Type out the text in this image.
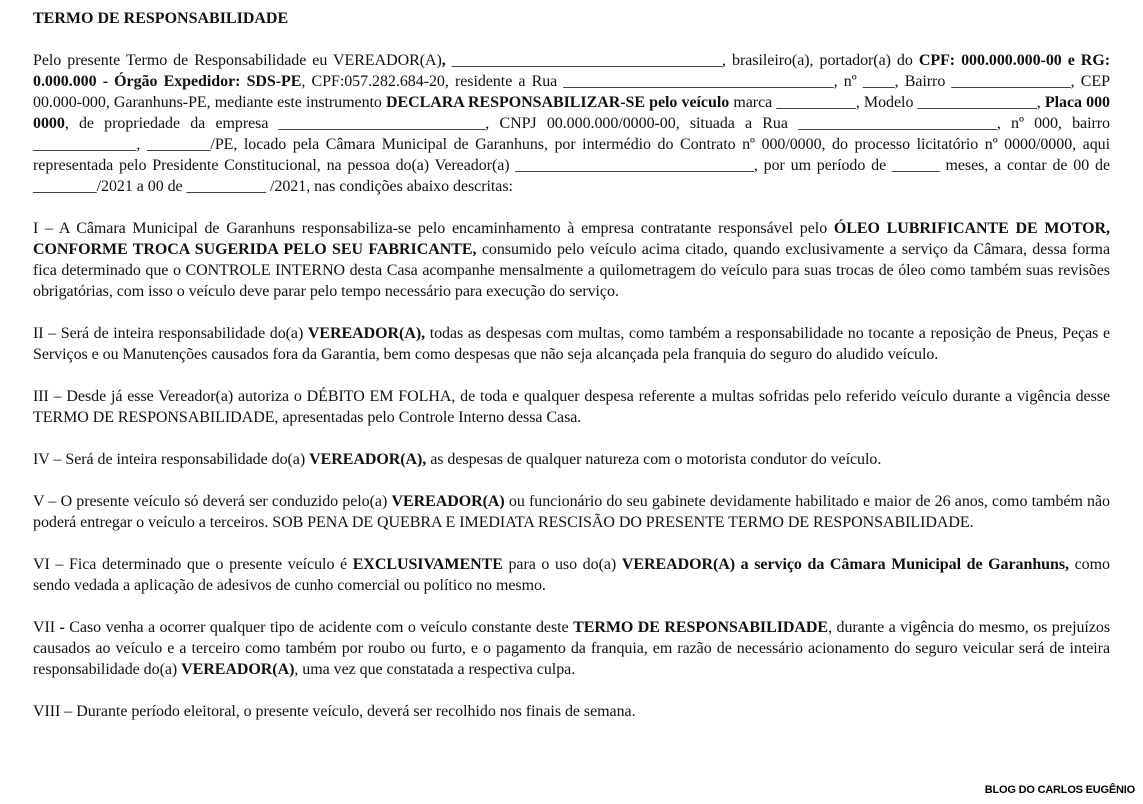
TERMO DE RESPONSABILIDADE

Pelo presente Termo de Responsabilidade eu VEREADOR(A), __________________________________, brasileiro(a), portador(a) do CPF: 000.000.000-00 e RG: 0.000.000 - Órgão Expedidor: SDS-PE, CPF:057.282.684-20, residente a Rua __________________________________, nº ____, Bairro _______________, CEP 00.000-000, Garanhuns-PE, mediante este instrumento DECLARA RESPONSABILIZAR-SE pelo veículo marca __________, Modelo _______________, Placa 000 0000, de propriedade da empresa __________________________, CNPJ 00.000.000/0000-00, situada a Rua _________________________, nº 000, bairro _____________, ________/PE, locado pela Câmara Municipal de Garanhuns, por intermédio do Contrato nº 000/0000, do processo licitatório nº 0000/0000, aqui representada pelo Presidente Constitucional, na pessoa do(a) Vereador(a) ______________________________, por um período de ______ meses, a contar de 00 de ________/2021 a 00 de __________ /2021, nas condições abaixo descritas:

I – A Câmara Municipal de Garanhuns responsabiliza-se pelo encaminhamento à empresa contratante responsável pelo ÓLEO LUBRIFICANTE DE MOTOR, CONFORME TROCA SUGERIDA PELO SEU FABRICANTE, consumido pelo veículo acima citado, quando exclusivamente a serviço da Câmara, dessa forma fica determinado que o CONTROLE INTERNO desta Casa acompanhe mensalmente a quilometragem do veículo para suas trocas de óleo como também suas revisões obrigatórias, com isso o veículo deve parar pelo tempo necessário para execução do serviço.

II – Será de inteira responsabilidade do(a) VEREADOR(A), todas as despesas com multas, como também a responsabilidade no tocante a reposição de Pneus, Peças e Serviços e ou Manutenções causados fora da Garantia, bem como despesas que não seja alcançada pela franquia do seguro do aludido veículo.

III – Desde já esse Vereador(a) autoriza o DÉBITO EM FOLHA, de toda e qualquer despesa referente a multas sofridas pelo referido veículo durante a vigência desse TERMO DE RESPONSABILIDADE, apresentadas pelo Controle Interno dessa Casa.

IV – Será de inteira responsabilidade do(a) VEREADOR(A), as despesas de qualquer natureza com o motorista condutor do veículo.

V – O presente veículo só deverá ser conduzido pelo(a) VEREADOR(A) ou funcionário do seu gabinete devidamente habilitado e maior de 26 anos, como também não poderá entregar o veículo a terceiros. SOB PENA DE QUEBRA E IMEDIATA RESCISÃO DO PRESENTE TERMO DE RESPONSABILIDADE.

VI – Fica determinado que o presente veículo é EXCLUSIVAMENTE para o uso do(a) VEREADOR(A) a serviço da Câmara Municipal de Garanhuns, como sendo vedada a aplicação de adesivos de cunho comercial ou político no mesmo.

VII - Caso venha a ocorrer qualquer tipo de acidente com o veículo constante deste TERMO DE RESPONSABILIDADE, durante a vigência do mesmo, os prejuízos causados ao veículo e a terceiro como também por roubo ou furto, e o pagamento da franquia, em razão de necessário acionamento do seguro veicular será de inteira responsabilidade do(a) VEREADOR(A), uma vez que constatada a respectiva culpa.

VIII – Durante período eleitoral, o presente veículo, deverá ser recolhido nos finais de semana.

BLOG DO CARLOS EUGÊNIO
